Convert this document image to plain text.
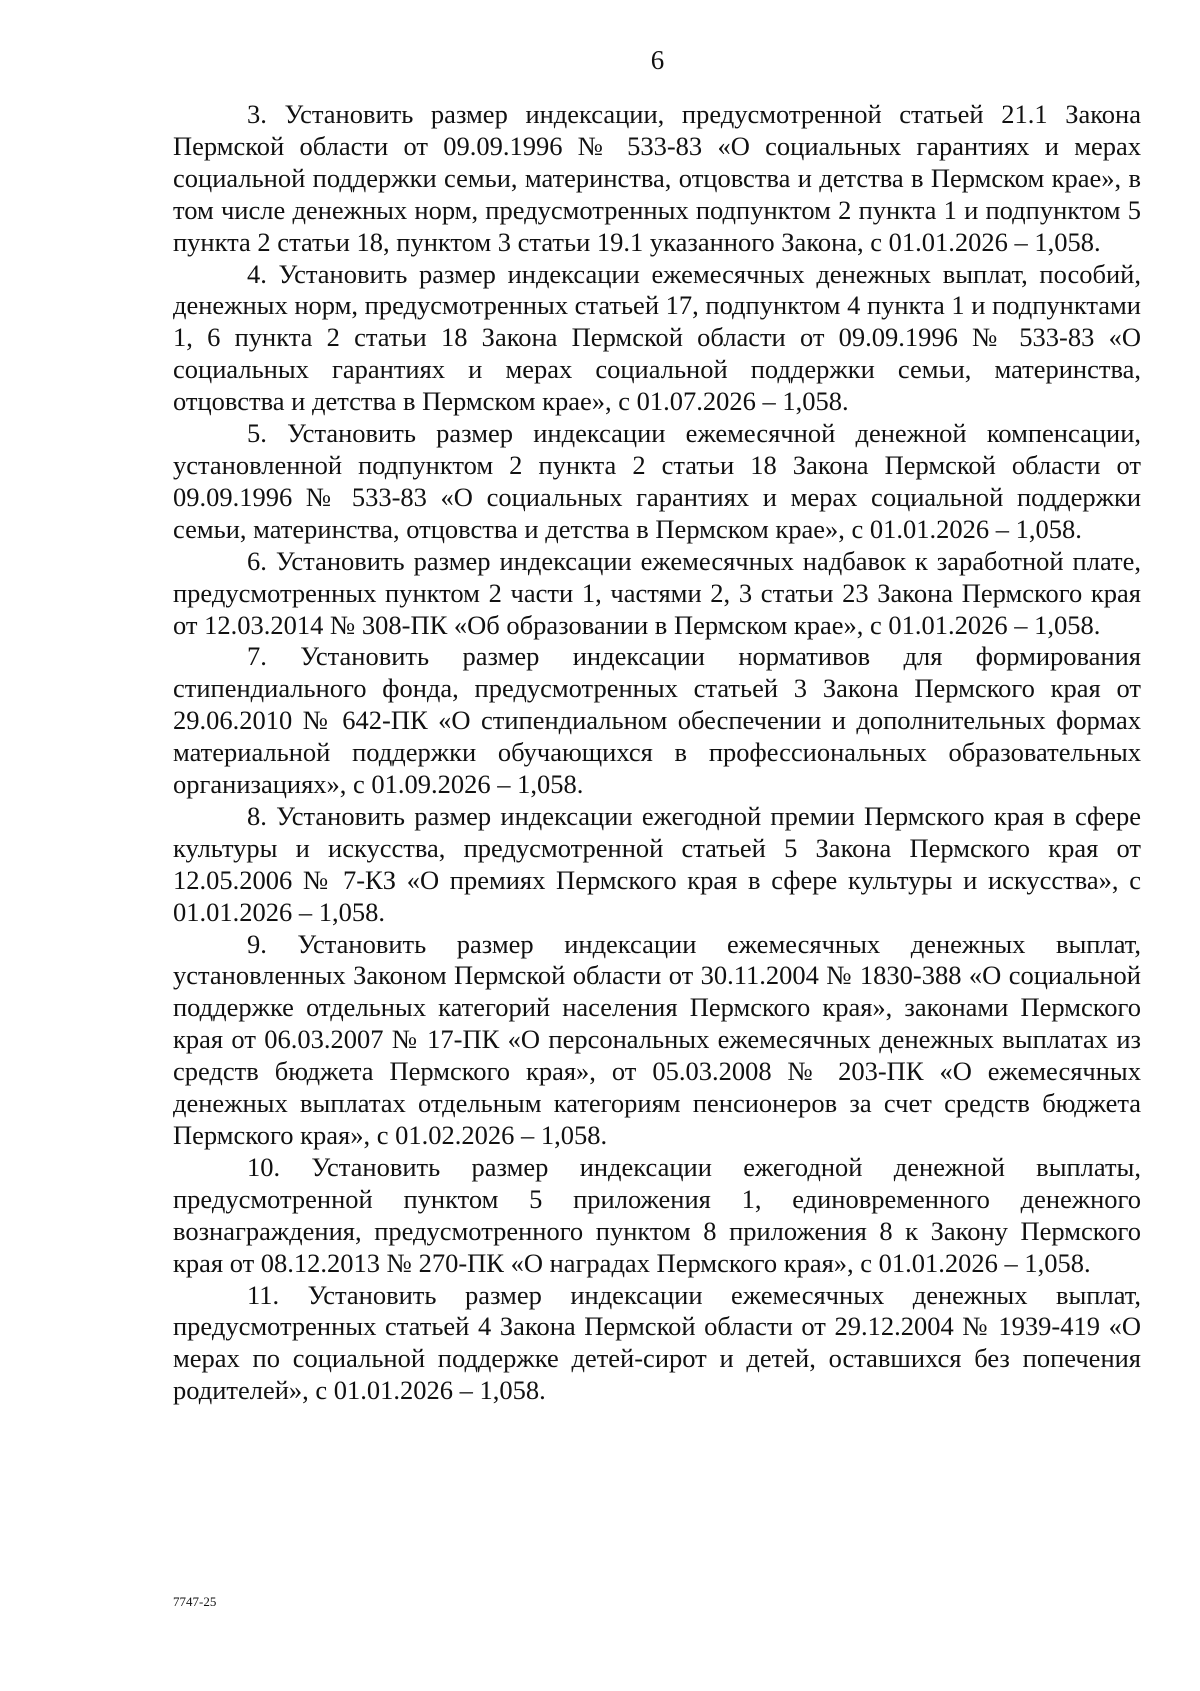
6

3. Установить размер индексации, предусмотренной статьей 21.1 Закона Пермской области от 09.09.1996 № 533-83 «О социальных гарантиях и мерах социальной поддержки семьи, материнства, отцовства и детства в Пермском крае», в том числе денежных норм, предусмотренных подпунктом 2 пункта 1 и подпунктом 5 пункта 2 статьи 18, пунктом 3 статьи 19.1 указанного Закона, с 01.01.2026 – 1,058.

4. Установить размер индексации ежемесячных денежных выплат, пособий, денежных норм, предусмотренных статьей 17, подпунктом 4 пункта 1 и подпунктами 1, 6 пункта 2 статьи 18 Закона Пермской области от 09.09.1996 № 533-83 «О социальных гарантиях и мерах социальной поддержки семьи, материнства, отцовства и детства в Пермском крае», с 01.07.2026 – 1,058.

5. Установить размер индексации ежемесячной денежной компенсации, установленной подпунктом 2 пункта 2 статьи 18 Закона Пермской области от 09.09.1996 № 533-83 «О социальных гарантиях и мерах социальной поддержки семьи, материнства, отцовства и детства в Пермском крае», с 01.01.2026 – 1,058.

6. Установить размер индексации ежемесячных надбавок к заработной плате, предусмотренных пунктом 2 части 1, частями 2, 3 статьи 23 Закона Пермского края от 12.03.2014 № 308-ПК «Об образовании в Пермском крае», с 01.01.2026 – 1,058.

7. Установить размер индексации нормативов для формирования стипендиального фонда, предусмотренных статьей 3 Закона Пермского края от 29.06.2010 № 642-ПК «О стипендиальном обеспечении и дополнительных формах материальной поддержки обучающихся в профессиональных образовательных организациях», с 01.09.2026 – 1,058.

8. Установить размер индексации ежегодной премии Пермского края в сфере культуры и искусства, предусмотренной статьей 5 Закона Пермского края от 12.05.2006 № 7-КЗ «О премиях Пермского края в сфере культуры и искусства», с 01.01.2026 – 1,058.

9. Установить размер индексации ежемесячных денежных выплат, установленных Законом Пермской области от 30.11.2004 № 1830-388 «О социальной поддержке отдельных категорий населения Пермского края», законами Пермского края от 06.03.2007 № 17-ПК «О персональных ежемесячных денежных выплатах из средств бюджета Пермского края», от 05.03.2008 № 203-ПК «О ежемесячных денежных выплатах отдельным категориям пенсионеров за счет средств бюджета Пермского края», с 01.02.2026 – 1,058.

10. Установить размер индексации ежегодной денежной выплаты, предусмотренной пунктом 5 приложения 1, единовременного денежного вознаграждения, предусмотренного пунктом 8 приложения 8 к Закону Пермского края от 08.12.2013 № 270-ПК «О наградах Пермского края», с 01.01.2026 – 1,058.

11. Установить размер индексации ежемесячных денежных выплат, предусмотренных статьей 4 Закона Пермской области от 29.12.2004 № 1939-419 «О мерах по социальной поддержке детей-сирот и детей, оставшихся без попечения родителей», с 01.01.2026 – 1,058.

7747-25
